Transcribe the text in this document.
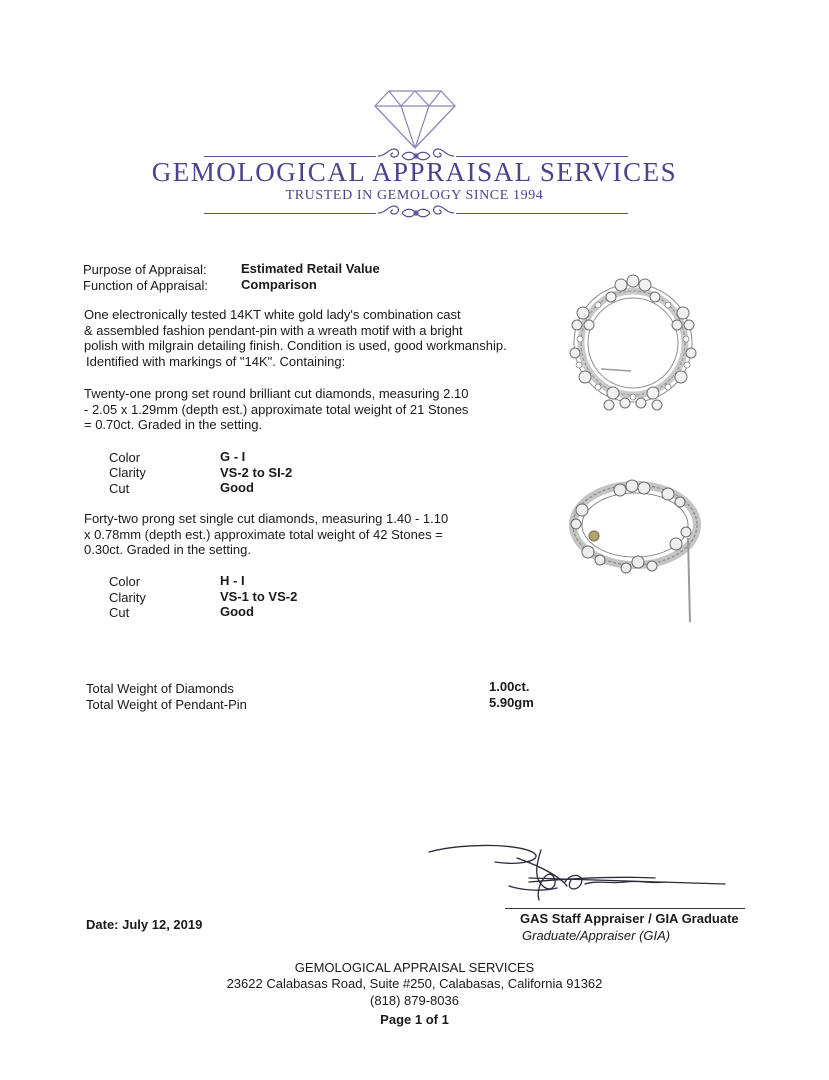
GEMOLOGICAL APPRAISAL SERVICES
TRUSTED IN GEMOLOGY SINCE 1994
Purpose of Appraisal:	Estimated Retail Value
Function of Appraisal:	Comparison
One electronically tested 14KT white gold lady's combination cast
& assembled fashion pendant-pin with a wreath motif with a bright
polish with milgrain detailing finish. Condition is used, good workmanship.
Identified with markings of "14K". Containing:
Twenty-one prong set round brilliant cut diamonds, measuring 2.10
- 2.05 x 1.29mm (depth est.) approximate total weight of 21 Stones
= 0.70ct. Graded in the setting.
Color	G - I
Clarity	VS-2 to SI-2
Cut	Good
Forty-two prong set single cut diamonds, measuring 1.40 - 1.10
x 0.78mm (depth est.) approximate total weight of 42 Stones =
0.30ct. Graded in the setting.
Color	H - I
Clarity	VS-1 to VS-2
Cut	Good
Total Weight of Diamonds	1.00ct.
Total Weight of Pendant-Pin	5.90gm
Date: July 12, 2019	GAS Staff Appraiser / GIA Graduate
Graduate/Appraiser (GIA)
GEMOLOGICAL APPRAISAL SERVICES
23622 Calabasas Road, Suite #250, Calabasas, California 91362
(818) 879-8036
Page 1 of 1
